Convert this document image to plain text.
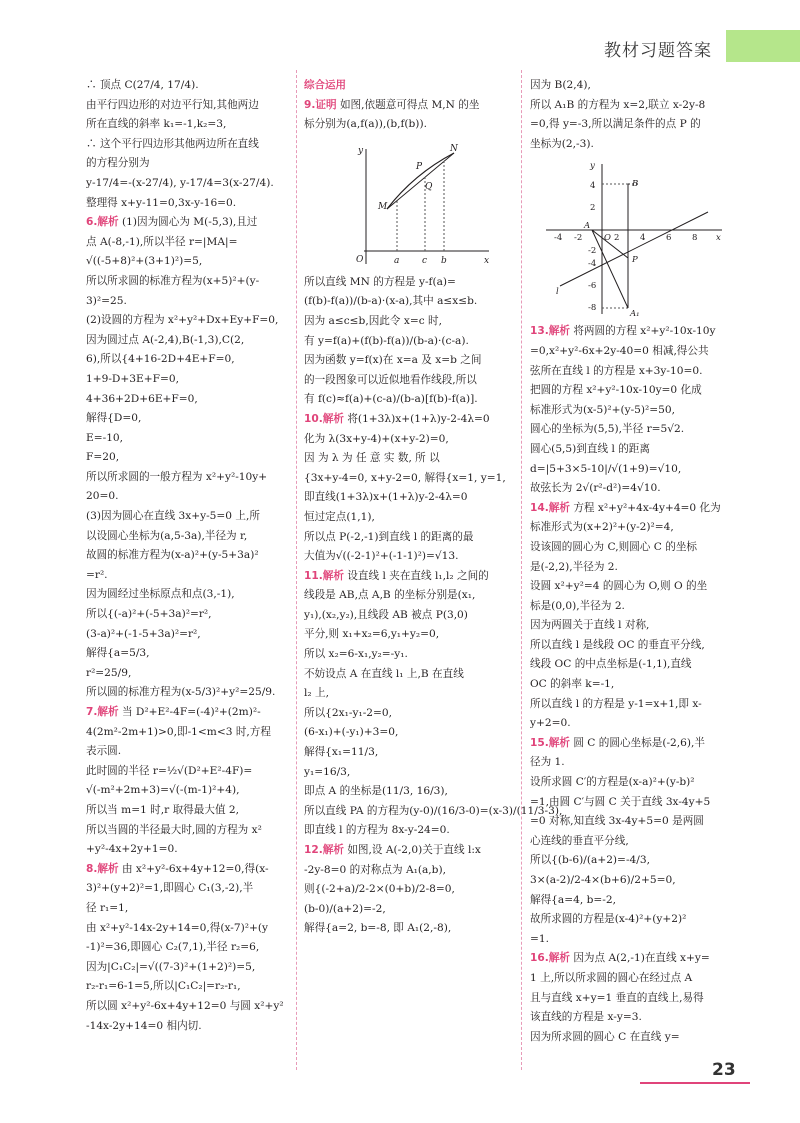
教材习题答案
∴ 顶点 C(27/4, 17/4).
由平行四边形的对边平行知,其他两边
所在直线的斜率 k₁=-1,k₂=3,
∴ 这个平行四边形其他两边所在直线
的方程分别为
y-17/4=-(x-27/4), y-17/4=3(x-27/4).
整理得 x+y-11=0,3x-y-16=0.
6.解析 (1)因为圆心为 M(-5,3),且过
点 A(-8,-1),所以半径 r=|MA|=
√((-5+8)²+(3+1)²)=5,
所以所求圆的标准方程为(x+5)²+(y-
3)²=25.
(2)设圆的方程为 x²+y²+Dx+Ey+F=0,
因为圆过点 A(-2,4),B(-1,3),C(2,
6),所以{4+16-2D+4E+F=0,
1+9-D+3E+F=0,
4+36+2D+6E+F=0,
解得{D=0,
E=-10,
F=20,
所以所求圆的一般方程为 x²+y²-10y+
20=0.
(3)因为圆心在直线 3x+y-5=0 上,所
以设圆心坐标为(a,5-3a),半径为 r,
故圆的标准方程为(x-a)²+(y-5+3a)²
=r².
因为圆经过坐标原点和点(3,-1),
所以{(-a)²+(-5+3a)²=r²,
(3-a)²+(-1-5+3a)²=r²,
解得{a=5/3,
r²=25/9,
所以圆的标准方程为(x-5/3)²+y²=25/9.
7.解析 当 D²+E²-4F=(-4)²+(2m)²-
4(2m²-2m+1)>0,即-1<m<3 时,方程
表示圆.
此时圆的半径 r=½√(D²+E²-4F)=
√(-m²+2m+3)=√(-(m-1)²+4),
所以当 m=1 时,r 取得最大值 2,
所以当圆的半径最大时,圆的方程为 x²
+y²-4x+2y+1=0.
8.解析 由 x²+y²-6x+4y+12=0,得(x-
3)²+(y+2)²=1,即圆心 C₁(3,-2),半
径 r₁=1,
由 x²+y²-14x-2y+14=0,得(x-7)²+(y
-1)²=36,即圆心 C₂(7,1),半径 r₂=6,
因为|C₁C₂|=√((7-3)²+(1+2)²)=5,
r₂-r₁=6-1=5,所以|C₁C₂|=r₂-r₁,
所以圆 x²+y²-6x+4y+12=0 与圆 x²+y²
-14x-2y+14=0 相内切.
综合运用
9.证明 如图,依题意可得点 M,N 的坐
标分别为(a,f(a)),(b,f(b)).
y	N
P
M
Q
O	a	c b	x
所以直线 MN 的方程是 y-f(a)=
(f(b)-f(a))/(b-a)·(x-a),其中 a≤x≤b.
因为 a≤c≤b,因此令 x=c 时,
有 y=f(a)+(f(b)-f(a))/(b-a)·(c-a).
因为函数 y=f(x)在 x=a 及 x=b 之间
的一段图象可以近似地看作线段,所以
有 f(c)≈f(a)+(c-a)/(b-a)[f(b)-f(a)].
10.解析 将(1+3λ)x+(1+λ)y-2-4λ=0
化为 λ(3x+y-4)+(x+y-2)=0,
因 为 λ 为 任 意 实 数, 所 以
{3x+y-4=0, x+y-2=0, 解得{x=1, y=1,
即直线(1+3λ)x+(1+λ)y-2-4λ=0
恒过定点(1,1),
所以点 P(-2,-1)到直线 l 的距离的最
大值为√((-2-1)²+(-1-1)²)=√13.
11.解析 设直线 l 夹在直线 l₁,l₂ 之间的
线段是 AB,点 A,B 的坐标分别是(x₁,
y₁),(x₂,y₂),且线段 AB 被点 P(3,0)
平分,则 x₁+x₂=6,y₁+y₂=0,
所以 x₂=6-x₁,y₂=-y₁.
不妨设点 A 在直线 l₁ 上,B 在直线
l₂ 上,
所以{2x₁-y₁-2=0,
(6-x₁)+(-y₁)+3=0,
解得{x₁=11/3,
y₁=16/3,
即点 A 的坐标是(11/3, 16/3),
所以直线 PA 的方程为(y-0)/(16/3-0)=(x-3)/(11/3-3),
即直线 l 的方程为 8x-y-24=0.
12.解析 如图,设 A(-2,0)关于直线 l:x
-2y-8=0 的对称点为 A₁(a,b),
则{(-2+a)/2-2×(0+b)/2-8=0,
(b-0)/(a+2)=-2,
解得{a=2, b=-8, 即 A₁(2,-8),
因为 B(2,4),
所以 A₁B 的方程为 x=2,联立 x-2y-8
=0,得 y=-3,所以满足条件的点 P 的
坐标为(2,-3).
y
4
2
-2
-4
-6
-8
-4 -2	O 2 4 6 8 x
A
B
P
l
A₁
13.解析 将两圆的方程 x²+y²-10x-10y
=0,x²+y²-6x+2y-40=0 相减,得公共
弦所在直线 l 的方程是 x+3y-10=0.
把圆的方程 x²+y²-10x-10y=0 化成
标准形式为(x-5)²+(y-5)²=50,
圆心的坐标为(5,5),半径 r=5√2.
圆心(5,5)到直线 l 的距离
d=|5+3×5-10|/√(1+9)=√10,
故弦长为 2√(r²-d²)=4√10.
14.解析 方程 x²+y²+4x-4y+4=0 化为
标准形式为(x+2)²+(y-2)²=4,
设该圆的圆心为 C,则圆心 C 的坐标
是(-2,2),半径为 2.
设圆 x²+y²=4 的圆心为 O,则 O 的坐
标是(0,0),半径为 2.
因为两圆关于直线 l 对称,
所以直线 l 是线段 OC 的垂直平分线,
线段 OC 的中点坐标是(-1,1),直线
OC 的斜率 k=-1,
所以直线 l 的方程是 y-1=x+1,即 x-
y+2=0.
15.解析 圆 C 的圆心坐标是(-2,6),半
径为 1.
设所求圆 C′的方程是(x-a)²+(y-b)²
=1,由圆 C′与圆 C 关于直线 3x-4y+5
=0 对称,知直线 3x-4y+5=0 是两圆
心连线的垂直平分线,
所以{(b-6)/(a+2)=-4/3,
3×(a-2)/2-4×(b+6)/2+5=0,
解得{a=4, b=-2,
故所求圆的方程是(x-4)²+(y+2)²
=1.
16.解析 因为点 A(2,-1)在直线 x+y=
1 上,所以所求圆的圆心在经过点 A
且与直线 x+y=1 垂直的直线上,易得
该直线的方程是 x-y=3.
因为所求圆的圆心 C 在直线 y=
23
